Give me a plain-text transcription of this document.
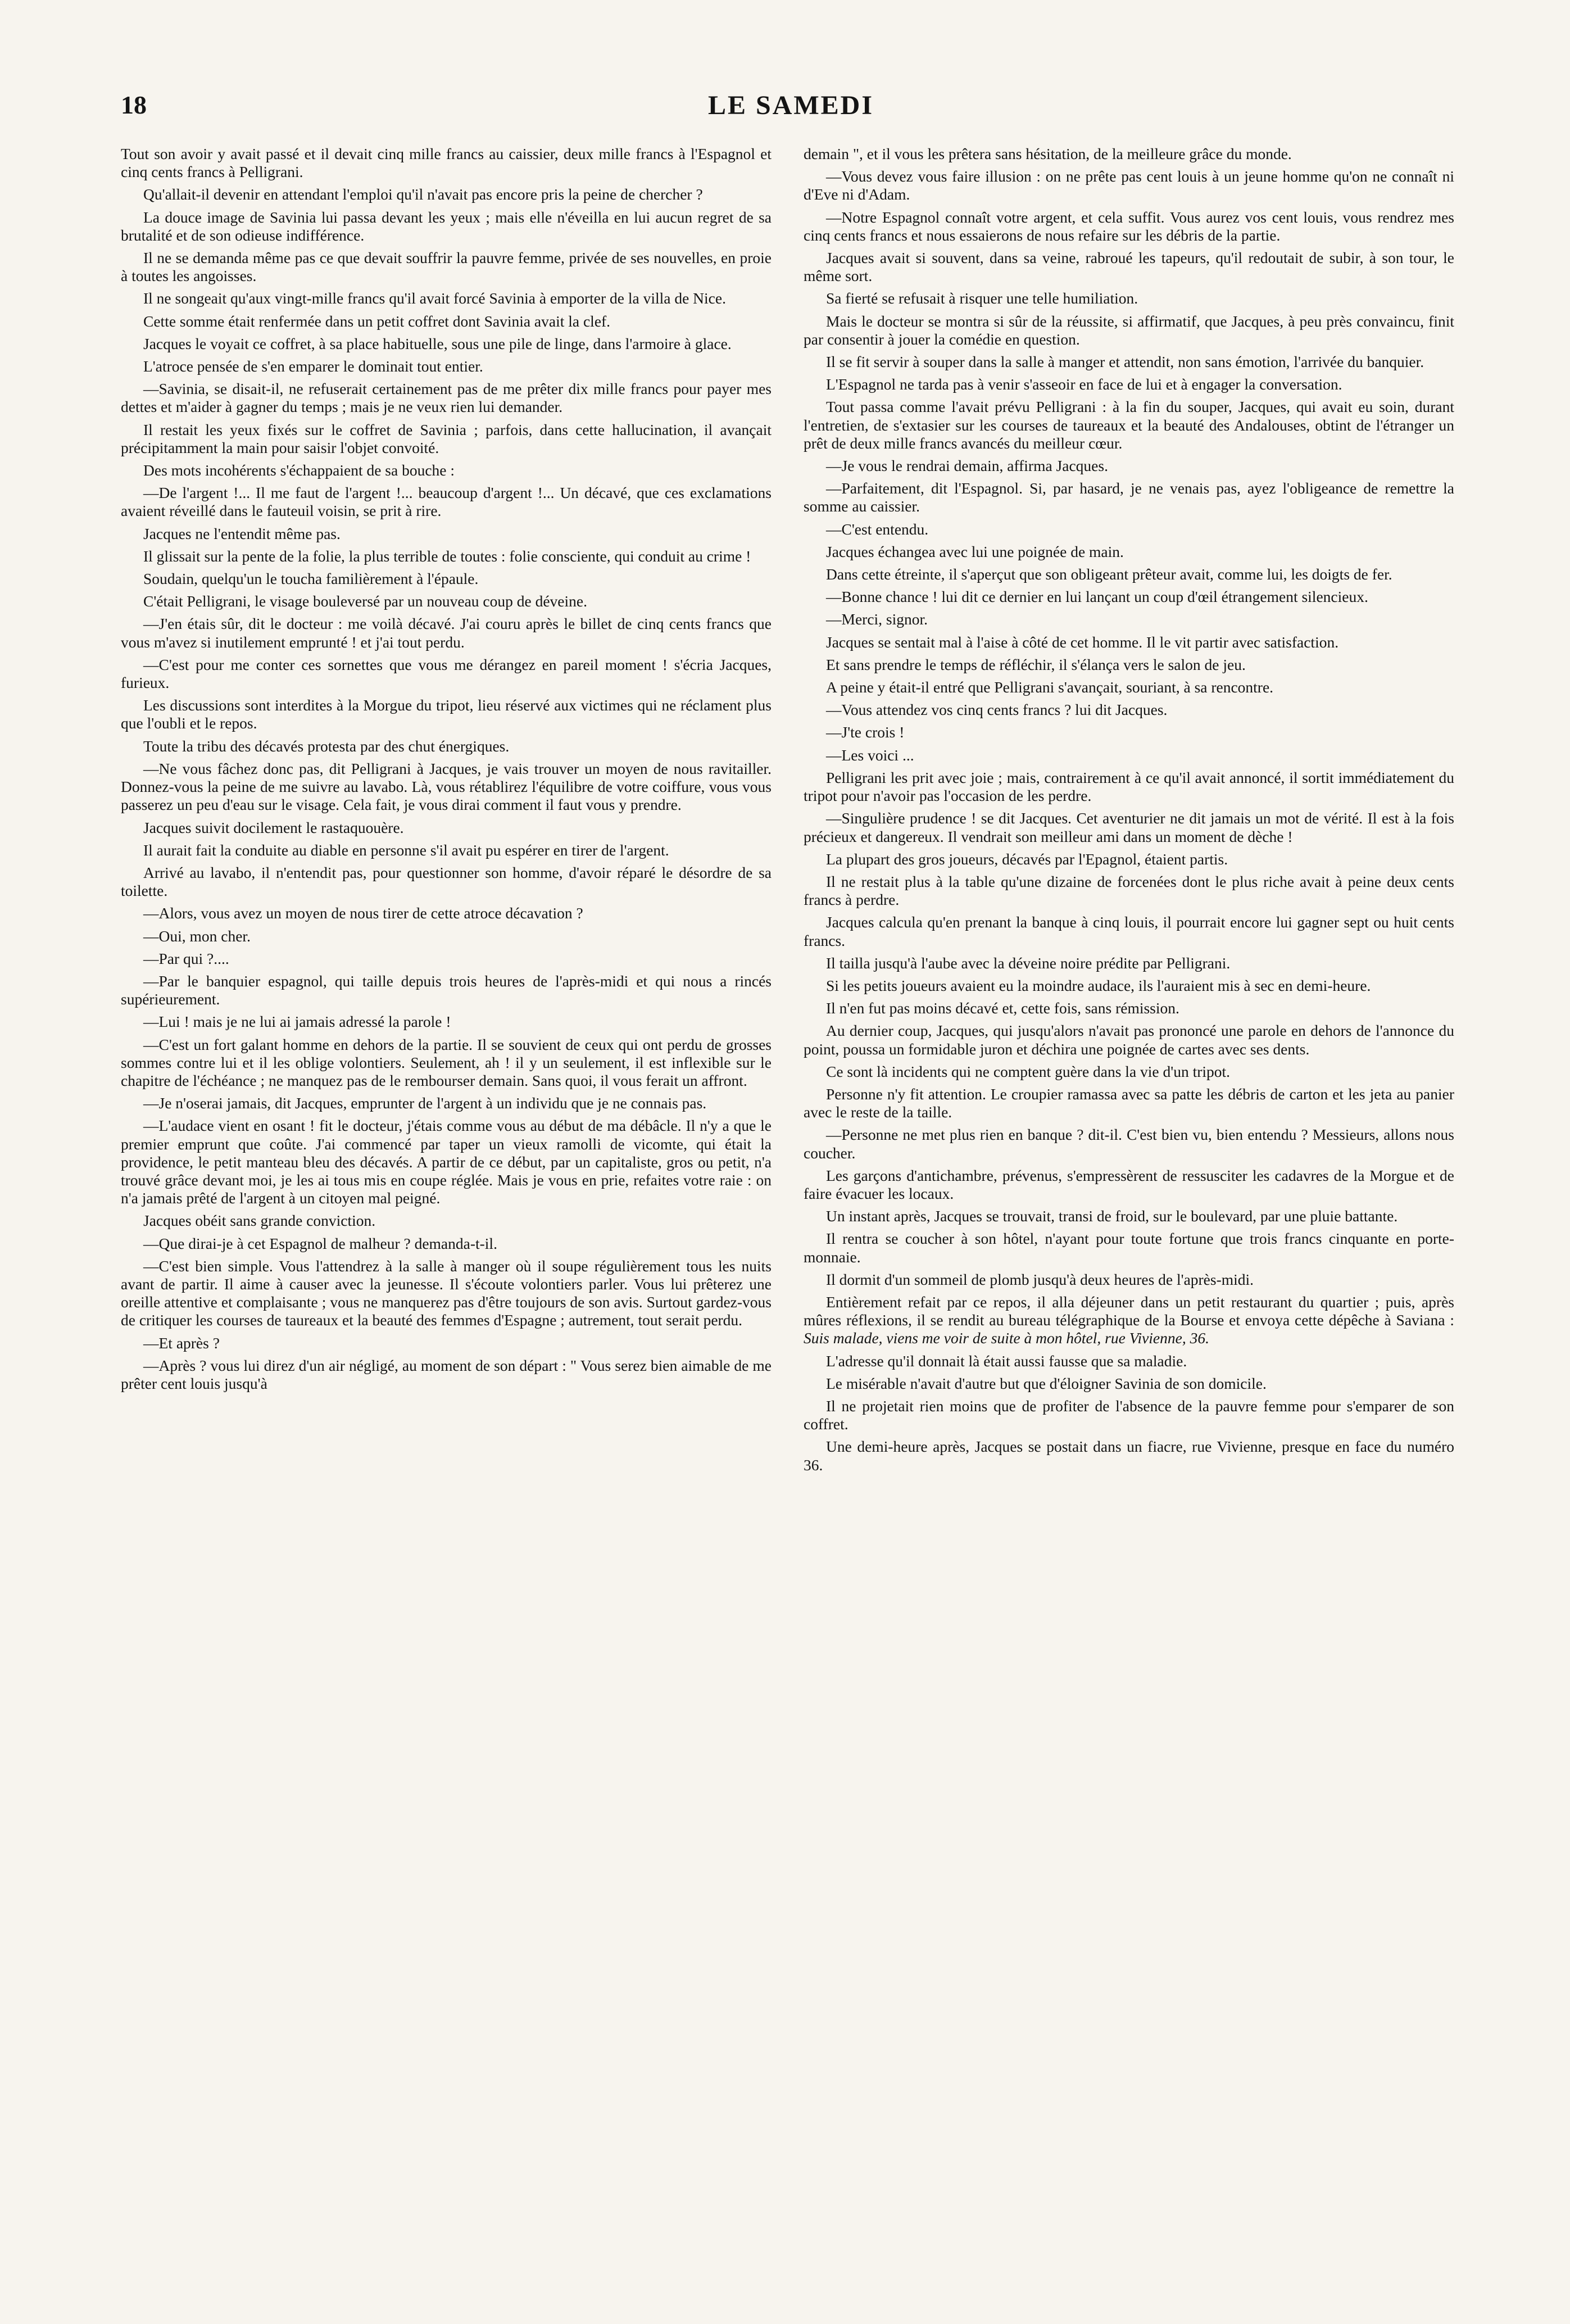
18	LE SAMEDI

Tout son avoir y avait passé et il devait cinq mille francs au caissier, deux mille francs à l'Espagnol et cinq cents francs à Pelligrani.

Qu'allait-il devenir en attendant l'emploi qu'il n'avait pas encore pris la peine de chercher ?

La douce image de Savinia lui passa devant les yeux ; mais elle n'éveilla en lui aucun regret de sa brutalité et de son odieuse indifférence.

Il ne se demanda même pas ce que devait souffrir la pauvre femme, privée de ses nouvelles, en proie à toutes les angoisses.

Il ne songeait qu'aux vingt-mille francs qu'il avait forcé Savinia à emporter de la villa de Nice.

Cette somme était renfermée dans un petit coffret dont Savinia avait la clef.

Jacques le voyait ce coffret, à sa place habituelle, sous une pile de linge, dans l'armoire à glace.

L'atroce pensée de s'en emparer le dominait tout entier.

—Savinia, se disait-il, ne refuserait certainement pas de me prêter dix mille francs pour payer mes dettes et m'aider à gagner du temps ; mais je ne veux rien lui demander.

Il restait les yeux fixés sur le coffret de Savinia ; parfois, dans cette hallucination, il avançait précipitamment la main pour saisir l'objet convoité.

Des mots incohérents s'échappaient de sa bouche :

—De l'argent !... Il me faut de l'argent !... beaucoup d'argent !... Un décavé, que ces exclamations avaient réveillé dans le fauteuil voisin, se prit à rire.

Jacques ne l'entendit même pas.

Il glissait sur la pente de la folie, la plus terrible de toutes : folie consciente, qui conduit au crime !

Soudain, quelqu'un le toucha familièrement à l'épaule.

C'était Pelligrani, le visage bouleversé par un nouveau coup de déveine.

—J'en étais sûr, dit le docteur : me voilà décavé. J'ai couru après le billet de cinq cents francs que vous m'avez si inutilement emprunté ! et j'ai tout perdu.

—C'est pour me conter ces sornettes que vous me dérangez en pareil moment ! s'écria Jacques, furieux.

Les discussions sont interdites à la Morgue du tripot, lieu réservé aux victimes qui ne réclament plus que l'oubli et le repos.

Toute la tribu des décavés protesta par des chut énergiques.

—Ne vous fâchez donc pas, dit Pelligrani à Jacques, je vais trouver un moyen de nous ravitailler. Donnez-vous la peine de me suivre au lavabo. Là, vous rétablirez l'équilibre de votre coiffure, vous vous passerez un peu d'eau sur le visage. Cela fait, je vous dirai comment il faut vous y prendre.

Jacques suivit docilement le rastaquouère.

Il aurait fait la conduite au diable en personne s'il avait pu espérer en tirer de l'argent.

Arrivé au lavabo, il n'entendit pas, pour questionner son homme, d'avoir réparé le désordre de sa toilette.

—Alors, vous avez un moyen de nous tirer de cette atroce décavation ?

—Oui, mon cher.

—Par qui ?....

—Par le banquier espagnol, qui taille depuis trois heures de l'après-midi et qui nous a rincés supérieurement.

—Lui ! mais je ne lui ai jamais adressé la parole !

—C'est un fort galant homme en dehors de la partie. Il se souvient de ceux qui ont perdu de grosses sommes contre lui et il les oblige volontiers. Seulement, ah ! il y un seulement, il est inflexible sur le chapitre de l'échéance ; ne manquez pas de le rembourser demain. Sans quoi, il vous ferait un affront.

—Je n'oserai jamais, dit Jacques, emprunter de l'argent à un individu que je ne connais pas.

—L'audace vient en osant ! fit le docteur, j'étais comme vous au début de ma débâcle. Il n'y a que le premier emprunt que coûte. J'ai commencé par taper un vieux ramolli de vicomte, qui était la providence, le petit manteau bleu des décavés. A partir de ce début, par un capitaliste, gros ou petit, n'a trouvé grâce devant moi, je les ai tous mis en coupe réglée. Mais je vous en prie, refaites votre raie : on n'a jamais prêté de l'argent à un citoyen mal peigné.

Jacques obéit sans grande conviction.

—Que dirai-je à cet Espagnol de malheur ? demanda-t-il.

—C'est bien simple. Vous l'attendrez à la salle à manger où il soupe régulièrement tous les nuits avant de partir. Il aime à causer avec la jeunesse. Il s'écoute volontiers parler. Vous lui prêterez une oreille attentive et complaisante ; vous ne manquerez pas d'être toujours de son avis. Surtout gardez-vous de critiquer les courses de taureaux et la beauté des femmes d'Espagne ; autrement, tout serait perdu.

—Et après ?

—Après ? vous lui direz d'un air négligé, au moment de son départ : " Vous serez bien aimable de me prêter cent louis jusqu'à

demain ", et il vous les prêtera sans hésitation, de la meilleure grâce du monde.

—Vous devez vous faire illusion : on ne prête pas cent louis à un jeune homme qu'on ne connaît ni d'Eve ni d'Adam.

—Notre Espagnol connaît votre argent, et cela suffit. Vous aurez vos cent louis, vous rendrez mes cinq cents francs et nous essaierons de nous refaire sur les débris de la partie.

Jacques avait si souvent, dans sa veine, rabroué les tapeurs, qu'il redoutait de subir, à son tour, le même sort.

Sa fierté se refusait à risquer une telle humiliation.

Mais le docteur se montra si sûr de la réussite, si affirmatif, que Jacques, à peu près convaincu, finit par consentir à jouer la comédie en question.

Il se fit servir à souper dans la salle à manger et attendit, non sans émotion, l'arrivée du banquier.

L'Espagnol ne tarda pas à venir s'asseoir en face de lui et à engager la conversation.

Tout passa comme l'avait prévu Pelligrani : à la fin du souper, Jacques, qui avait eu soin, durant l'entretien, de s'extasier sur les courses de taureaux et la beauté des Andalouses, obtint de l'étranger un prêt de deux mille francs avancés du meilleur cœur.

—Je vous le rendrai demain, affirma Jacques.

—Parfaitement, dit l'Espagnol. Si, par hasard, je ne venais pas, ayez l'obligeance de remettre la somme au caissier.

—C'est entendu.

Jacques échangea avec lui une poignée de main.

Dans cette étreinte, il s'aperçut que son obligeant prêteur avait, comme lui, les doigts de fer.

—Bonne chance ! lui dit ce dernier en lui lançant un coup d'œil étrangement silencieux.

—Merci, signor.

Jacques se sentait mal à l'aise à côté de cet homme. Il le vit partir avec satisfaction.

Et sans prendre le temps de réfléchir, il s'élança vers le salon de jeu.

A peine y était-il entré que Pelligrani s'avançait, souriant, à sa rencontre.

—Vous attendez vos cinq cents francs ? lui dit Jacques.

—J'te crois !

—Les voici ...

Pelligrani les prit avec joie ; mais, contrairement à ce qu'il avait annoncé, il sortit immédiatement du tripot pour n'avoir pas l'occasion de les perdre.

—Singulière prudence ! se dit Jacques. Cet aventurier ne dit jamais un mot de vérité. Il est à la fois précieux et dangereux. Il vendrait son meilleur ami dans un moment de dèche !

La plupart des gros joueurs, décavés par l'Epagnol, étaient partis.

Il ne restait plus à la table qu'une dizaine de forcenées dont le plus riche avait à peine deux cents francs à perdre.

Jacques calcula qu'en prenant la banque à cinq louis, il pourrait encore lui gagner sept ou huit cents francs.

Il tailla jusqu'à l'aube avec la déveine noire prédite par Pelligrani.

Si les petits joueurs avaient eu la moindre audace, ils l'auraient mis à sec en demi-heure.

Il n'en fut pas moins décavé et, cette fois, sans rémission.

Au dernier coup, Jacques, qui jusqu'alors n'avait pas prononcé une parole en dehors de l'annonce du point, poussa un formidable juron et déchira une poignée de cartes avec ses dents.

Ce sont là incidents qui ne comptent guère dans la vie d'un tripot.

Personne n'y fit attention. Le croupier ramassa avec sa patte les débris de carton et les jeta au panier avec le reste de la taille.

—Personne ne met plus rien en banque ? dit-il. C'est bien vu, bien entendu ? Messieurs, allons nous coucher.

Les garçons d'antichambre, prévenus, s'empressèrent de ressusciter les cadavres de la Morgue et de faire évacuer les locaux.

Un instant après, Jacques se trouvait, transi de froid, sur le boulevard, par une pluie battante.

Il rentra se coucher à son hôtel, n'ayant pour toute fortune que trois francs cinquante en porte-monnaie.

Il dormit d'un sommeil de plomb jusqu'à deux heures de l'après-midi.

Entièrement refait par ce repos, il alla déjeuner dans un petit restaurant du quartier ; puis, après mûres réflexions, il se rendit au bureau télégraphique de la Bourse et envoya cette dépêche à Saviana : Suis malade, viens me voir de suite à mon hôtel, rue Vivienne, 36.

L'adresse qu'il donnait là était aussi fausse que sa maladie.

Le misérable n'avait d'autre but que d'éloigner Savinia de son domicile.

Il ne projetait rien moins que de profiter de l'absence de la pauvre femme pour s'emparer de son coffret.

Une demi-heure après, Jacques se postait dans un fiacre, rue Vivienne, presque en face du numéro 36.
